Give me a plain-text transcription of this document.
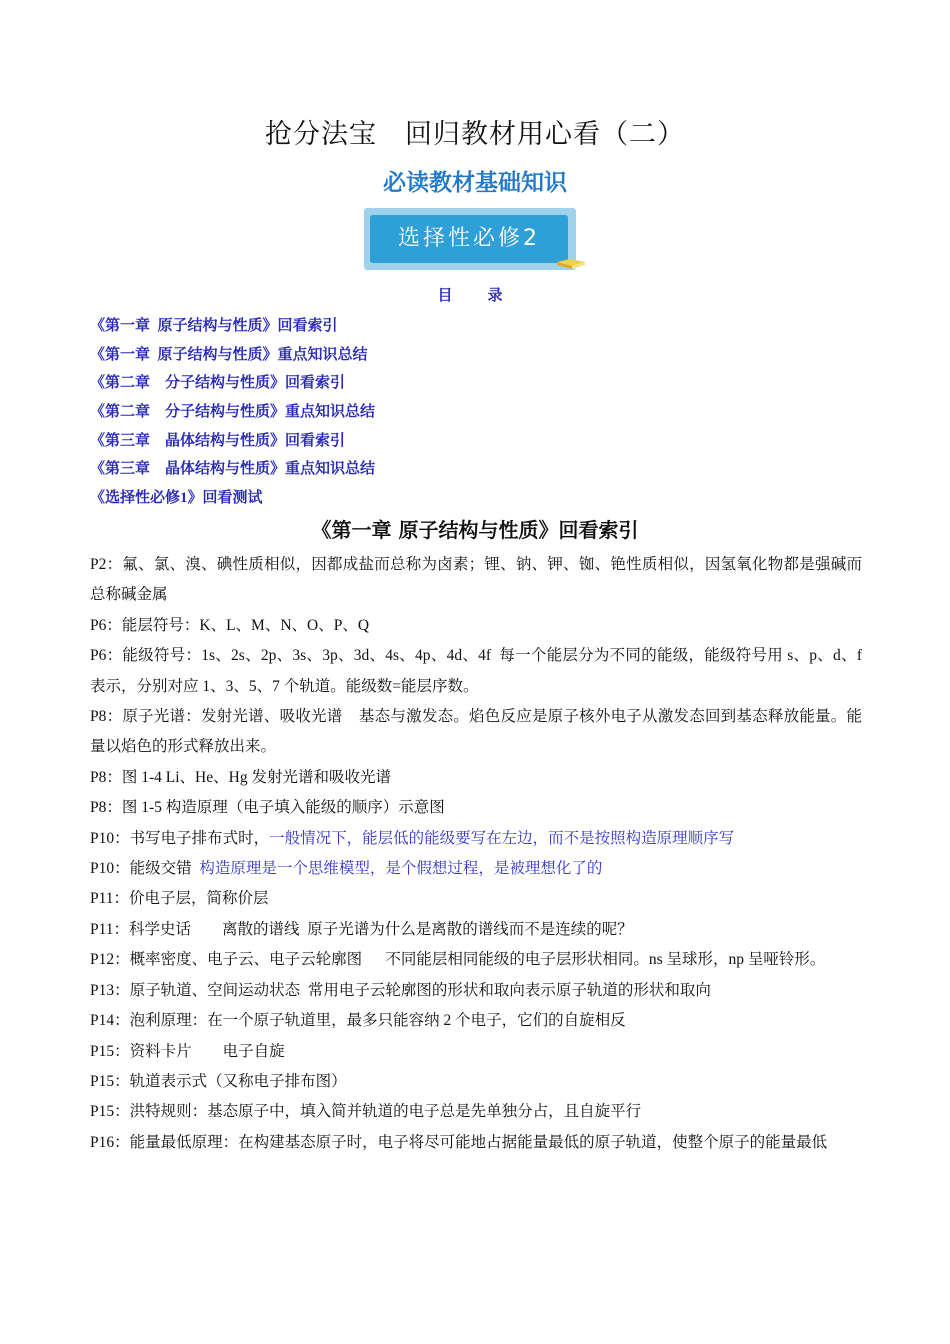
抢分法宝　回归教材用心看（二）
必读教材基础知识
选择性必修2
目　录
《第一章  原子结构与性质》回看索引
《第一章  原子结构与性质》重点知识总结
《第二章    分子结构与性质》回看索引
《第二章    分子结构与性质》重点知识总结
《第三章    晶体结构与性质》回看索引
《第三章    晶体结构与性质》重点知识总结
《选择性必修1》回看测试
《第一章 原子结构与性质》回看索引
P2：氟、氯、溴、碘性质相似，因都成盐而总称为卤素；锂、钠、钾、铷、铯性质相似，因氢氧化物都是强碱而总称碱金属
P6：能层符号：K、L、M、N、O、P、Q
P6：能级符号：1s、2s、2p、3s、3p、3d、4s、4p、4d、4f  每一个能层分为不同的能级，能级符号用 s、p、d、f 表示，分别对应 1、3、5、7 个轨道。能级数=能层序数。
P8：原子光谱：发射光谱、吸收光谱    基态与激发态。焰色反应是原子核外电子从激发态回到基态释放能量。能量以焰色的形式释放出来。
P8：图 1-4 Li、He、Hg 发射光谱和吸收光谱
P8：图 1-5 构造原理（电子填入能级的顺序）示意图
P10：书写电子排布式时，一般情况下，能层低的能级要写在左边，而不是按照构造原理顺序写
P10：能级交错  构造原理是一个思维模型，是个假想过程，是被理想化了的
P11：价电子层，简称价层
P11：科学史话        离散的谱线  原子光谱为什么是离散的谱线而不是连续的呢？
P12：概率密度、电子云、电子云轮廓图      不同能层相同能级的电子层形状相同。ns 呈球形，np 呈哑铃形。
P13：原子轨道、空间运动状态  常用电子云轮廓图的形状和取向表示原子轨道的形状和取向
P14：泡利原理：在一个原子轨道里，最多只能容纳 2 个电子，它们的自旋相反
P15：资料卡片        电子自旋
P15：轨道表示式（又称电子排布图）
P15：洪特规则：基态原子中，填入简并轨道的电子总是先单独分占，且自旋平行
P16：能量最低原理：在构建基态原子时，电子将尽可能地占据能量最低的原子轨道，使整个原子的能量最低
